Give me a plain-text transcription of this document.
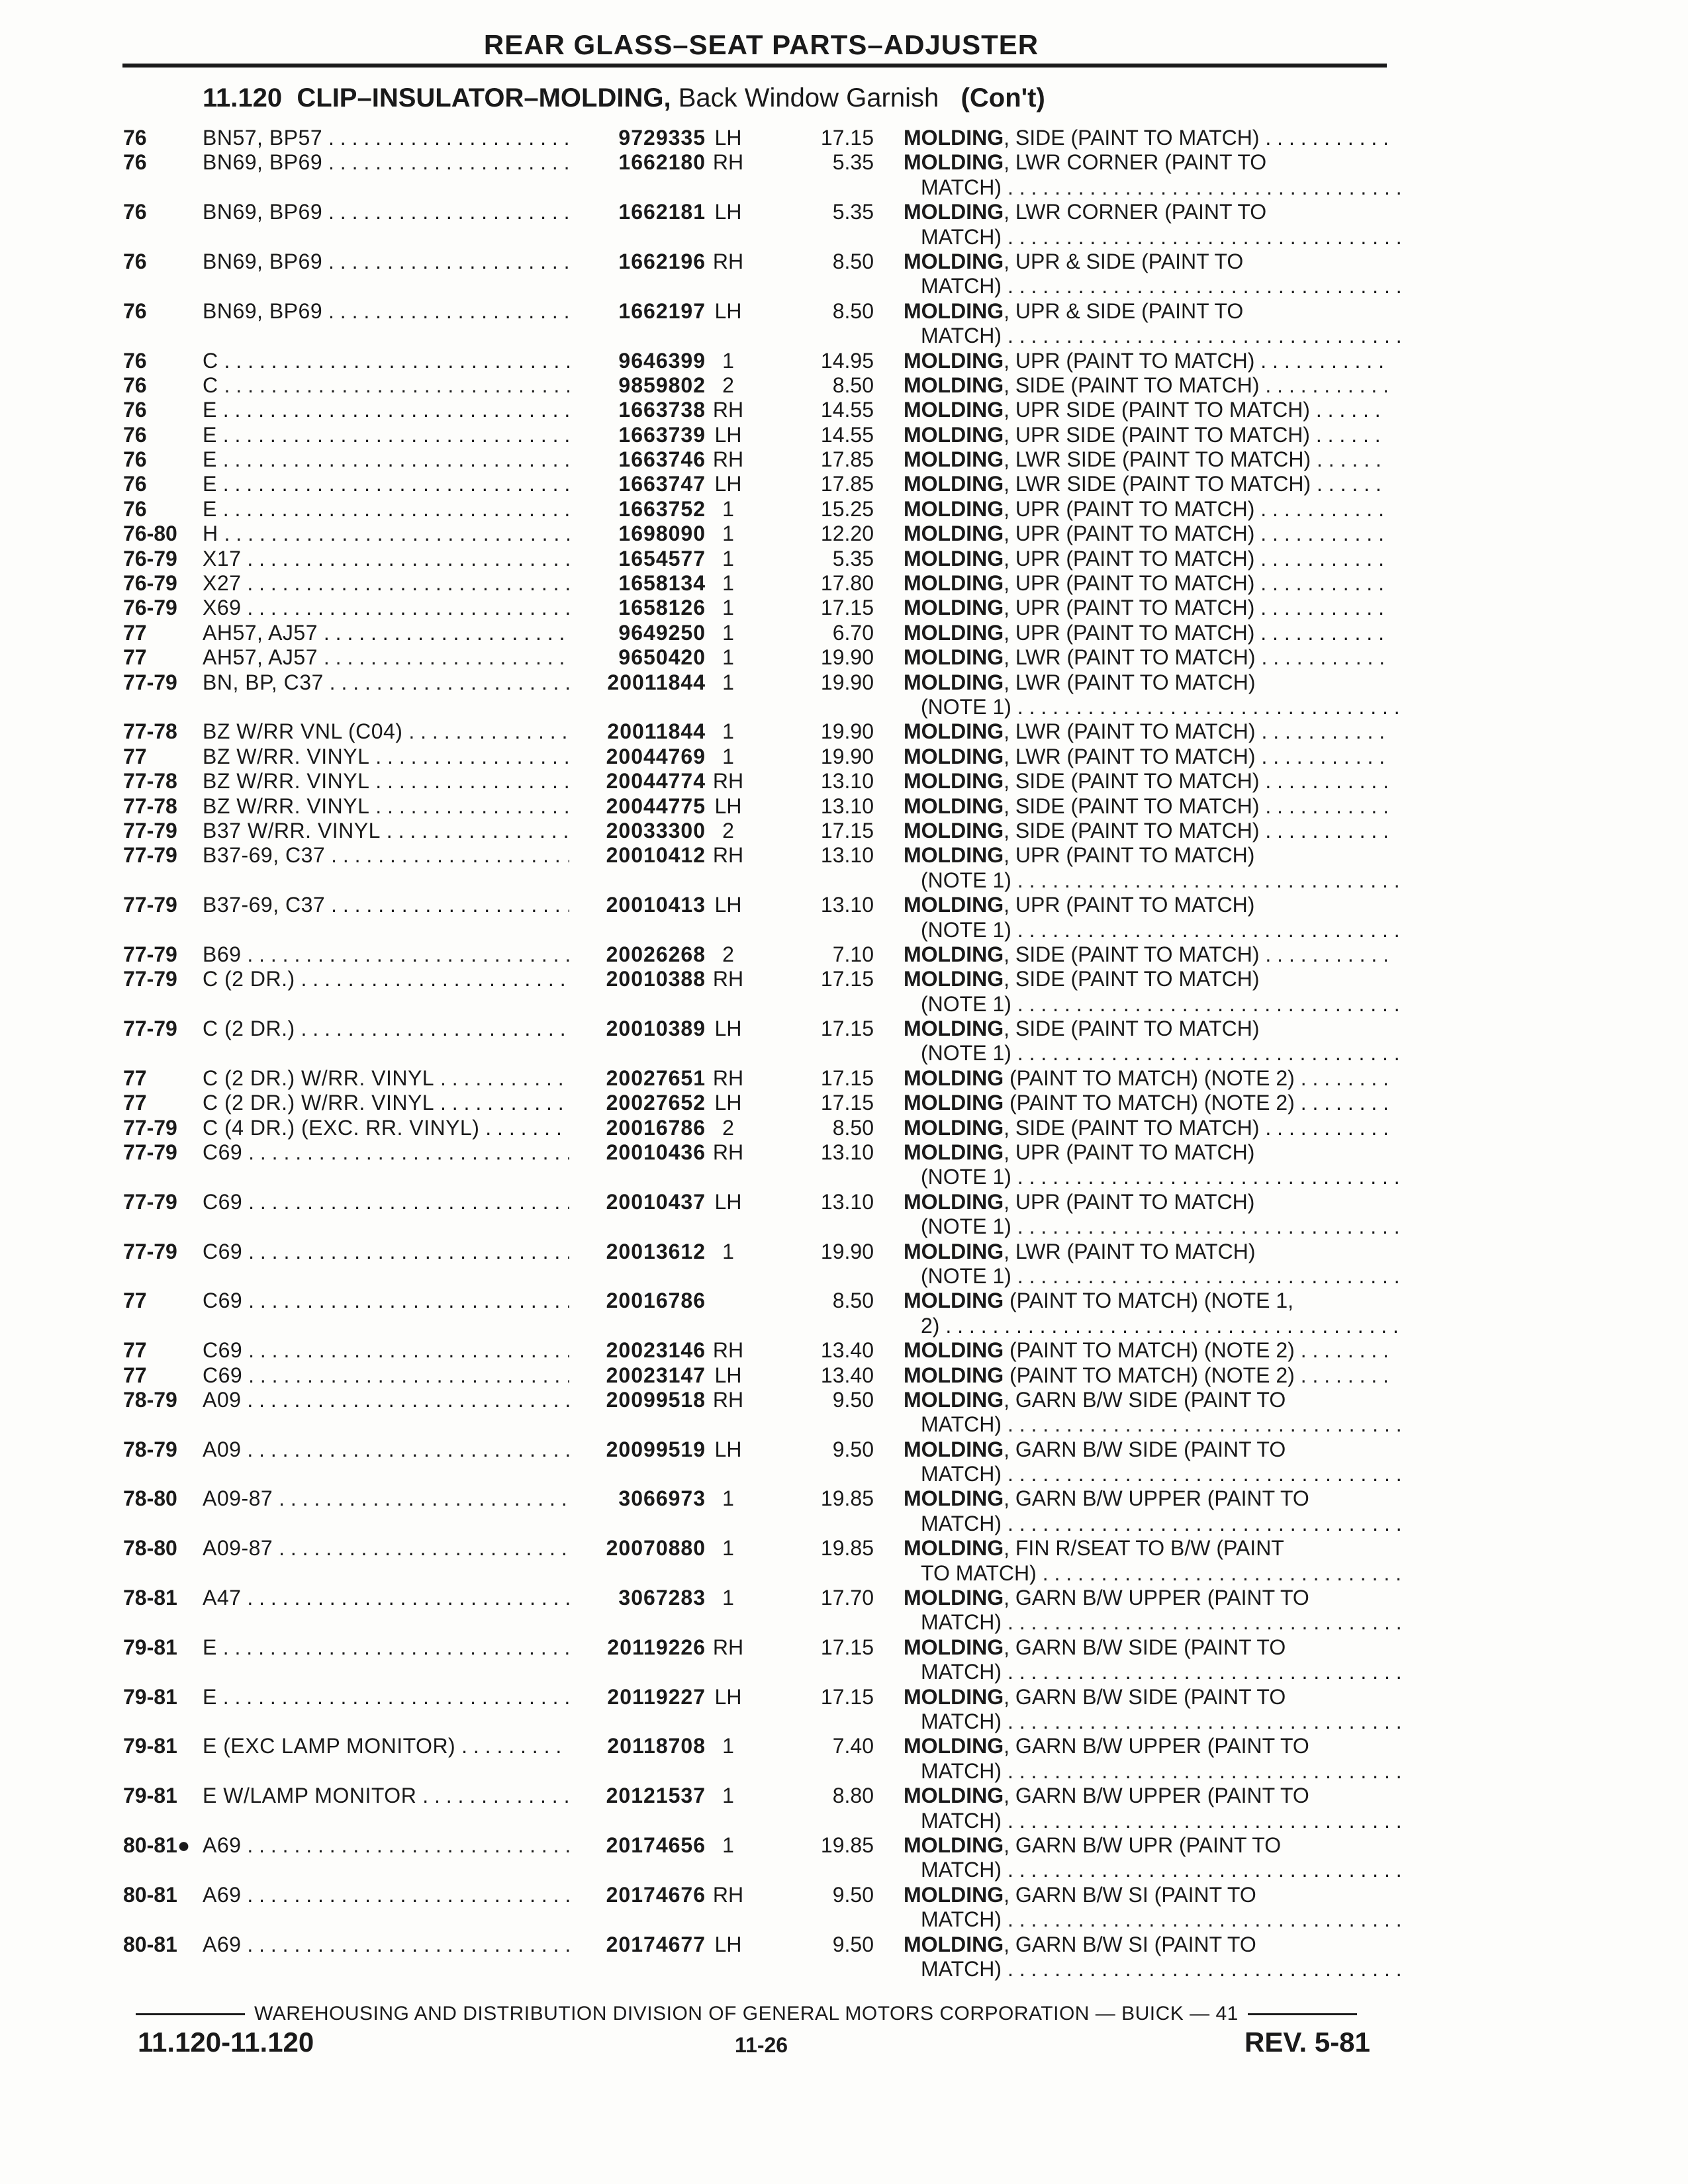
REAR GLASS–SEAT PARTS–ADJUSTER
11.120 CLIP–INSULATOR–MOLDING, Back Window Garnish (Con't)
76	BN57, BP57 . . .	9729335 LH	17.15 MOLDING, SIDE (PAINT TO MATCH) . . .
76	BN69, BP69 . . .	1662180 RH	5.35 MOLDING, LWR CORNER (PAINT TO
MATCH) . . .
76	BN69, BP69 . . .	1662181 LH	5.35 MOLDING, LWR CORNER (PAINT TO
MATCH) . . .
76	BN69, BP69 . . .	1662196 RH	8.50 MOLDING, UPR & SIDE (PAINT TO
MATCH) . . .
76	BN69, BP69 . . .	1662197 LH	8.50 MOLDING, UPR & SIDE (PAINT TO
MATCH) . . .
76	C . . .	9646399 1	14.95 MOLDING, UPR (PAINT TO MATCH) . . .
76	C . . .	9859802 2	8.50 MOLDING, SIDE (PAINT TO MATCH) . . .
76	E . . .	1663738 RH	14.55 MOLDING, UPR SIDE (PAINT TO MATCH) . . .
76	E . . .	1663739 LH	14.55 MOLDING, UPR SIDE (PAINT TO MATCH) . . .
76	E . . .	1663746 RH	17.85 MOLDING, LWR SIDE (PAINT TO MATCH) . . .
76	E . . .	1663747 LH	17.85 MOLDING, LWR SIDE (PAINT TO MATCH) . . .
76	E . . .	1663752 1	15.25 MOLDING, UPR (PAINT TO MATCH) . . .
76-80 H . . .	1698090 1	12.20 MOLDING, UPR (PAINT TO MATCH) . . .
76-79 X17 . . .	1654577 1	5.35 MOLDING, UPR (PAINT TO MATCH) . . .
76-79 X27 . . .	1658134 1	17.80 MOLDING, UPR (PAINT TO MATCH) . . .
76-79 X69 . . .	1658126 1	17.15 MOLDING, UPR (PAINT TO MATCH) . . .
77	AH57, AJ57 . . .	9649250 1	6.70 MOLDING, UPR (PAINT TO MATCH) . . .
77	AH57, AJ57 . . .	9650420 1	19.90 MOLDING, LWR (PAINT TO MATCH) . . .
77-79 BN, BP, C37 . . .	20011844 1	19.90 MOLDING, LWR (PAINT TO MATCH)
(NOTE 1) . . .
77-78 BZ W/RR VNL (C04) . . .	20011844 1	19.90 MOLDING, LWR (PAINT TO MATCH) . . .
77	BZ W/RR. VINYL . . .	20044769 1	19.90 MOLDING, LWR (PAINT TO MATCH) . . .
77-78 BZ W/RR. VINYL . . .	20044774 RH	13.10 MOLDING, SIDE (PAINT TO MATCH) . . .
77-78 BZ W/RR. VINYL . . .	20044775 LH	13.10 MOLDING, SIDE (PAINT TO MATCH) . . .
77-79 B37 W/RR. VINYL . . .	20033300 2	17.15 MOLDING, SIDE (PAINT TO MATCH) . . .
77-79 B37-69, C37 . . .	20010412 RH	13.10 MOLDING, UPR (PAINT TO MATCH)
(NOTE 1) . . .
77-79 B37-69, C37 . . .	20010413 LH	13.10 MOLDING, UPR (PAINT TO MATCH)
(NOTE 1) . . .
77-79 B69 . . .	20026268 2	7.10 MOLDING, SIDE (PAINT TO MATCH) . . .
77-79 C (2 DR.) . . .	20010388 RH	17.15 MOLDING, SIDE (PAINT TO MATCH)
(NOTE 1) . . .
77-79 C (2 DR.) . . .	20010389 LH	17.15 MOLDING, SIDE (PAINT TO MATCH)
(NOTE 1) . . .
77	C (2 DR.) W/RR. VINYL . . .	20027651 RH	17.15 MOLDING (PAINT TO MATCH) (NOTE 2) . . .
77	C (2 DR.) W/RR. VINYL . . .	20027652 LH	17.15 MOLDING (PAINT TO MATCH) (NOTE 2) . . .
77-79 C (4 DR.) (EXC. RR. VINYL) . . .	20016786 2	8.50 MOLDING, SIDE (PAINT TO MATCH) . . .
77-79 C69 . . .	20010436 RH	13.10 MOLDING, UPR (PAINT TO MATCH)
(NOTE 1) . . .
77-79 C69 . . .	20010437 LH	13.10 MOLDING, UPR (PAINT TO MATCH)
(NOTE 1) . . .
77-79 C69 . . .	20013612 1	19.90 MOLDING, LWR (PAINT TO MATCH)
(NOTE 1) . . .
77	C69 . . .	20016786	8.50 MOLDING (PAINT TO MATCH) (NOTE 1,
2) . . .
77	C69 . . .	20023146 RH	13.40 MOLDING (PAINT TO MATCH) (NOTE 2) . . .
77	C69 . . .	20023147 LH	13.40 MOLDING (PAINT TO MATCH) (NOTE 2) . . .
78-79 A09 . . .	20099518 RH	9.50 MOLDING, GARN B/W SIDE (PAINT TO
MATCH) . . .
78-79 A09 . . .	20099519 LH	9.50 MOLDING, GARN B/W SIDE (PAINT TO
MATCH) . . .
78-80 A09-87 . . .	3066973 1	19.85 MOLDING, GARN B/W UPPER (PAINT TO
MATCH) . . .
78-80 A09-87 . . .	20070880 1	19.85 MOLDING, FIN R/SEAT TO B/W (PAINT
TO MATCH) . . .
78-81 A47 . . .	3067283 1	17.70 MOLDING, GARN B/W UPPER (PAINT TO
MATCH) . . .
79-81 E . . .	20119226 RH	17.15 MOLDING, GARN B/W SIDE (PAINT TO
MATCH) . . .
79-81 E . . .	20119227 LH	17.15 MOLDING, GARN B/W SIDE (PAINT TO
MATCH) . . .
79-81 E (EXC LAMP MONITOR) . . .	20118708 1	7.40 MOLDING, GARN B/W UPPER (PAINT TO
MATCH) . . .
79-81 E W/LAMP MONITOR . . .	20121537 1	8.80 MOLDING, GARN B/W UPPER (PAINT TO
MATCH) . . .
80-81● A69 . . .	20174656 1	19.85 MOLDING, GARN B/W UPR (PAINT TO
MATCH) . . .
80-81 A69 . . .	20174676 RH	9.50 MOLDING, GARN B/W SI (PAINT TO
MATCH) . . .
80-81 A69 . . .	20174677 LH	9.50 MOLDING, GARN B/W SI (PAINT TO
MATCH) . . .
WAREHOUSING AND DISTRIBUTION DIVISION OF GENERAL MOTORS CORPORATION — BUICK — 41
11.120-11.120	11-26	REV. 5-81
